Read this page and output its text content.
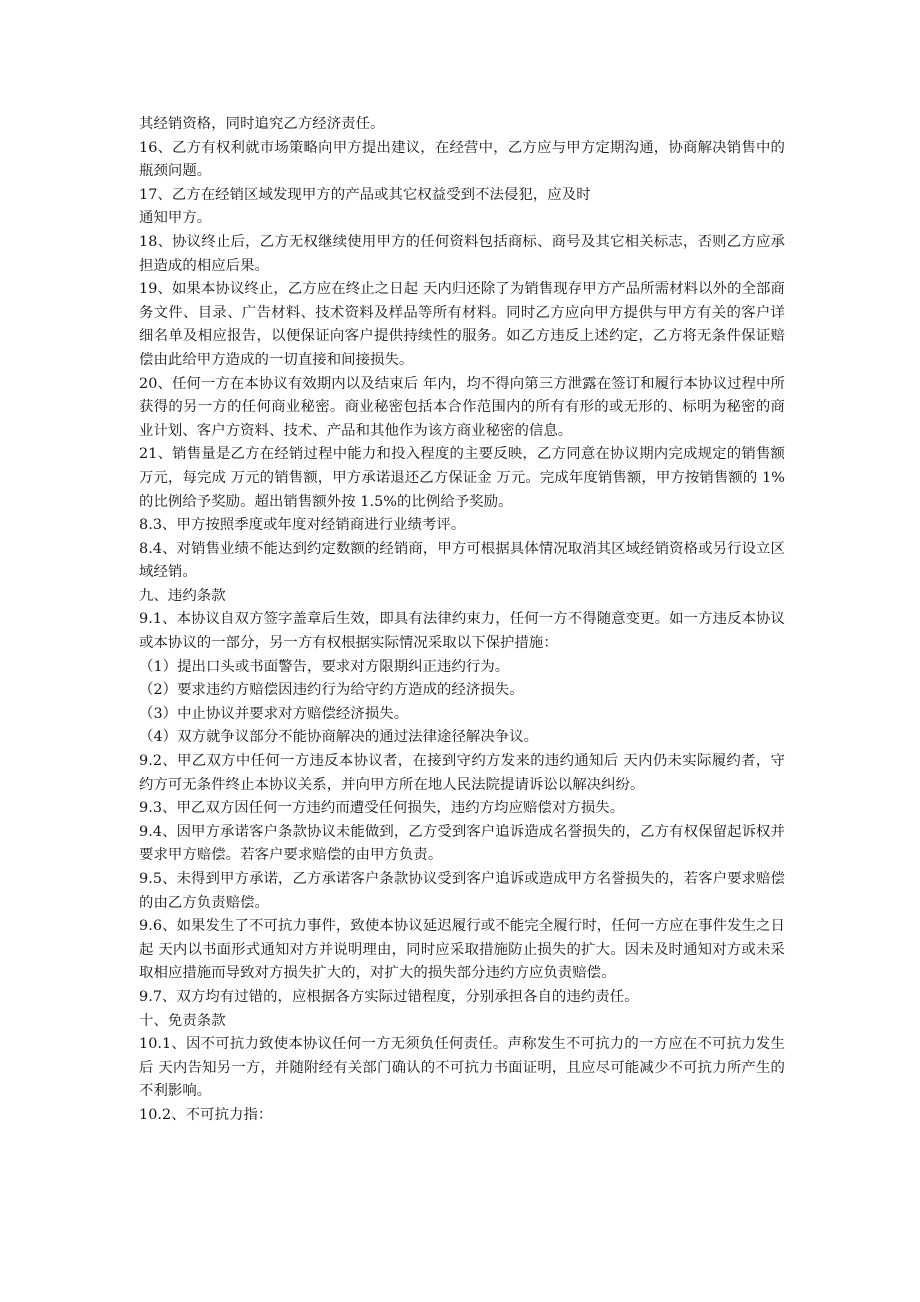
其经销资格，同时追究乙方经济责任。

16、乙方有权利就市场策略向甲方提出建议，在经营中，乙方应与甲方定期沟通，协商解决销售中的瓶颈问题。

17、乙方在经销区域发现甲方的产品或其它权益受到不法侵犯，应及时

通知甲方。

18、协议终止后，乙方无权继续使用甲方的任何资料包括商标、商号及其它相关标志，否则乙方应承担造成的相应后果。

19、如果本协议终止，乙方应在终止之日起 天内归还除了为销售现存甲方产品所需材料以外的全部商务文件、目录、广告材料、技术资料及样品等所有材料。同时乙方应向甲方提供与甲方有关的客户详细名单及相应报告，以便保证向客户提供持续性的服务。如乙方违反上述约定，乙方将无条件保证赔偿由此给甲方造成的一切直接和间接损失。

20、任何一方在本协议有效期内以及结束后 年内，均不得向第三方泄露在签订和履行本协议过程中所获得的另一方的任何商业秘密。商业秘密包括本合作范围内的所有有形的或无形的、标明为秘密的商业计划、客户方资料、技术、产品和其他作为该方商业秘密的信息。

21、销售量是乙方在经销过程中能力和投入程度的主要反映，乙方同意在协议期内完成规定的销售额 万元，每完成 万元的销售额，甲方承诺退还乙方保证金 万元。完成年度销售额，甲方按销售额的 1%的比例给予奖励。超出销售额外按 1.5%的比例给予奖励。

8.3、甲方按照季度或年度对经销商进行业绩考评。

8.4、对销售业绩不能达到约定数额的经销商，甲方可根据具体情况取消其区域经销资格或另行设立区域经销。

九、违约条款

9.1、本协议自双方签字盖章后生效，即具有法律约束力，任何一方不得随意变更。如一方违反本协议或本协议的一部分，另一方有权根据实际情况采取以下保护措施：

（1）提出口头或书面警告，要求对方限期纠正违约行为。

（2）要求违约方赔偿因违约行为给守约方造成的经济损失。

（3）中止协议并要求对方赔偿经济损失。

（4）双方就争议部分不能协商解决的通过法律途径解决争议。

9.2、甲乙双方中任何一方违反本协议者，在接到守约方发来的违约通知后 天内仍未实际履约者，守约方可无条件终止本协议关系，并向甲方所在地人民法院提请诉讼以解决纠纷。

9.3、甲乙双方因任何一方违约而遭受任何损失，违约方均应赔偿对方损失。

9.4、因甲方承诺客户条款协议未能做到，乙方受到客户追诉造成名誉损失的，乙方有权保留起诉权并要求甲方赔偿。若客户要求赔偿的由甲方负责。

9.5、未得到甲方承诺，乙方承诺客户条款协议受到客户追诉或造成甲方名誉损失的，若客户要求赔偿的由乙方负责赔偿。

9.6、如果发生了不可抗力事件，致使本协议延迟履行或不能完全履行时，任何一方应在事件发生之日起 天内以书面形式通知对方并说明理由，同时应采取措施防止损失的扩大。因未及时通知对方或未采取相应措施而导致对方损失扩大的，对扩大的损失部分违约方应负责赔偿。

9.7、双方均有过错的，应根据各方实际过错程度，分别承担各自的违约责任。

十、免责条款

10.1、因不可抗力致使本协议任何一方无须负任何责任。声称发生不可抗力的一方应在不可抗力发生后 天内告知另一方，并随附经有关部门确认的不可抗力书面证明，且应尽可能减少不可抗力所产生的不利影响。

10.2、不可抗力指：
